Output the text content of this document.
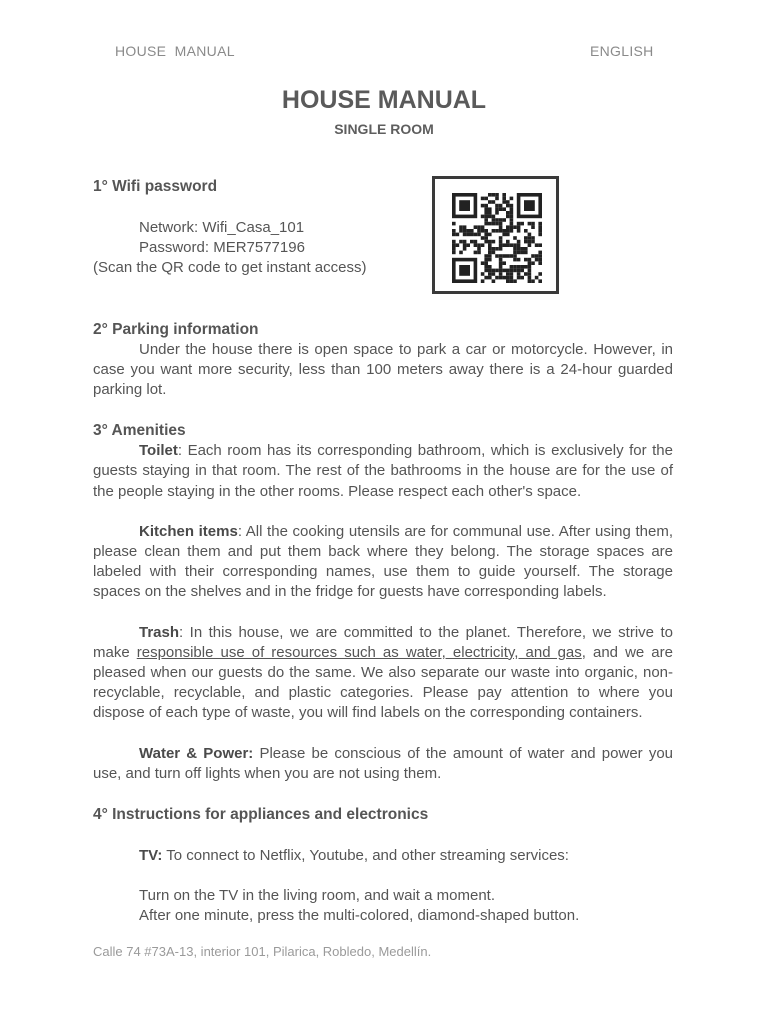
HOUSE  MANUAL	ENGLISH
HOUSE MANUAL
SINGLE ROOM
1° Wifi password

Network: Wifi_Casa_101

Password: MER7577196

(Scan the QR code to get instant access)

2° Parking information

Under the house there is open space to park a car or motorcycle. However, in case you want more security, less than 100 meters away there is a 24-hour guarded parking lot.

3° Amenities

Toilet: Each room has its corresponding bathroom, which is exclusively for the guests staying in that room. The rest of the bathrooms in the house are for the use of the people staying in the other rooms. Please respect each other's space.

Kitchen items: All the cooking utensils are for communal use. After using them, please clean them and put them back where they belong. The storage spaces are labeled with their corresponding names, use them to guide yourself. The storage spaces on the shelves and in the fridge for guests have corresponding labels.

Trash: In this house, we are committed to the planet. Therefore, we strive to make responsible use of resources such as water, electricity, and gas, and we are pleased when our guests do the same. We also separate our waste into organic, non-recyclable, recyclable, and plastic categories. Please pay attention to where you dispose of each type of waste, you will find labels on the corresponding containers.

Water & Power: Please be conscious of the amount of water and power you use, and turn off lights when you are not using them.

4° Instructions for appliances and electronics

TV: To connect to Netflix, Youtube, and other streaming services:

Turn on the TV in the living room, and wait a moment.

After one minute, press the multi-colored, diamond-shaped button.

Calle 74 #73A-13, interior 101, Pilarica, Robledo, Medellín.
